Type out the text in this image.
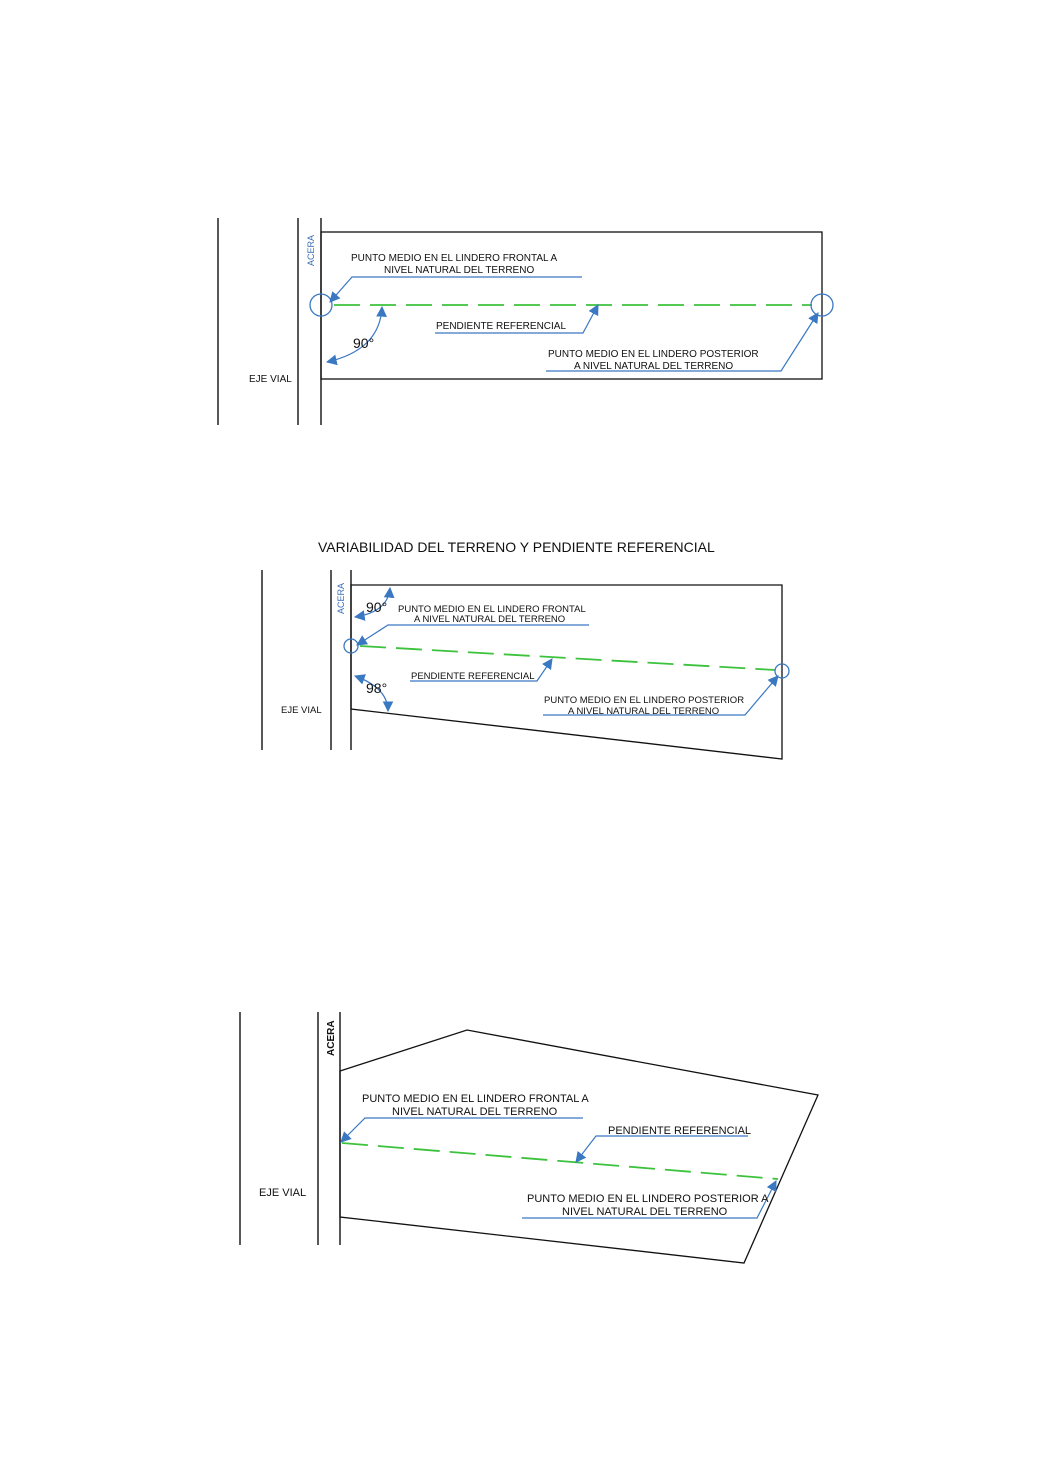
ACERA	PUNTO MEDIO EN EL LINDERO FRONTAL A
NIVEL NATURAL DEL TERRENO
PENDIENTE REFERENCIAL
90°
PUNTO MEDIO EN EL LINDERO POSTERIOR
A NIVEL NATURAL DEL TERRENO
EJE VIAL
VARIABILIDAD DEL TERRENO Y PENDIENTE REFERENCIAL
ACERA 90° PUNTO MEDIO EN EL LINDERO FRONTAL
A NIVEL NATURAL DEL TERRENO
PENDIENTE REFERENCIAL
98°
PUNTO MEDIO EN EL LINDERO POSTERIOR
A NIVEL NATURAL DEL TERRENO
EJE VIAL
ACERA
PUNTO MEDIO EN EL LINDERO FRONTAL A
NIVEL NATURAL DEL TERRENO
PENDIENTE REFERENCIAL
PUNTO MEDIO EN EL LINDERO POSTERIOR A
NIVEL NATURAL DEL TERRENO
EJE VIAL
